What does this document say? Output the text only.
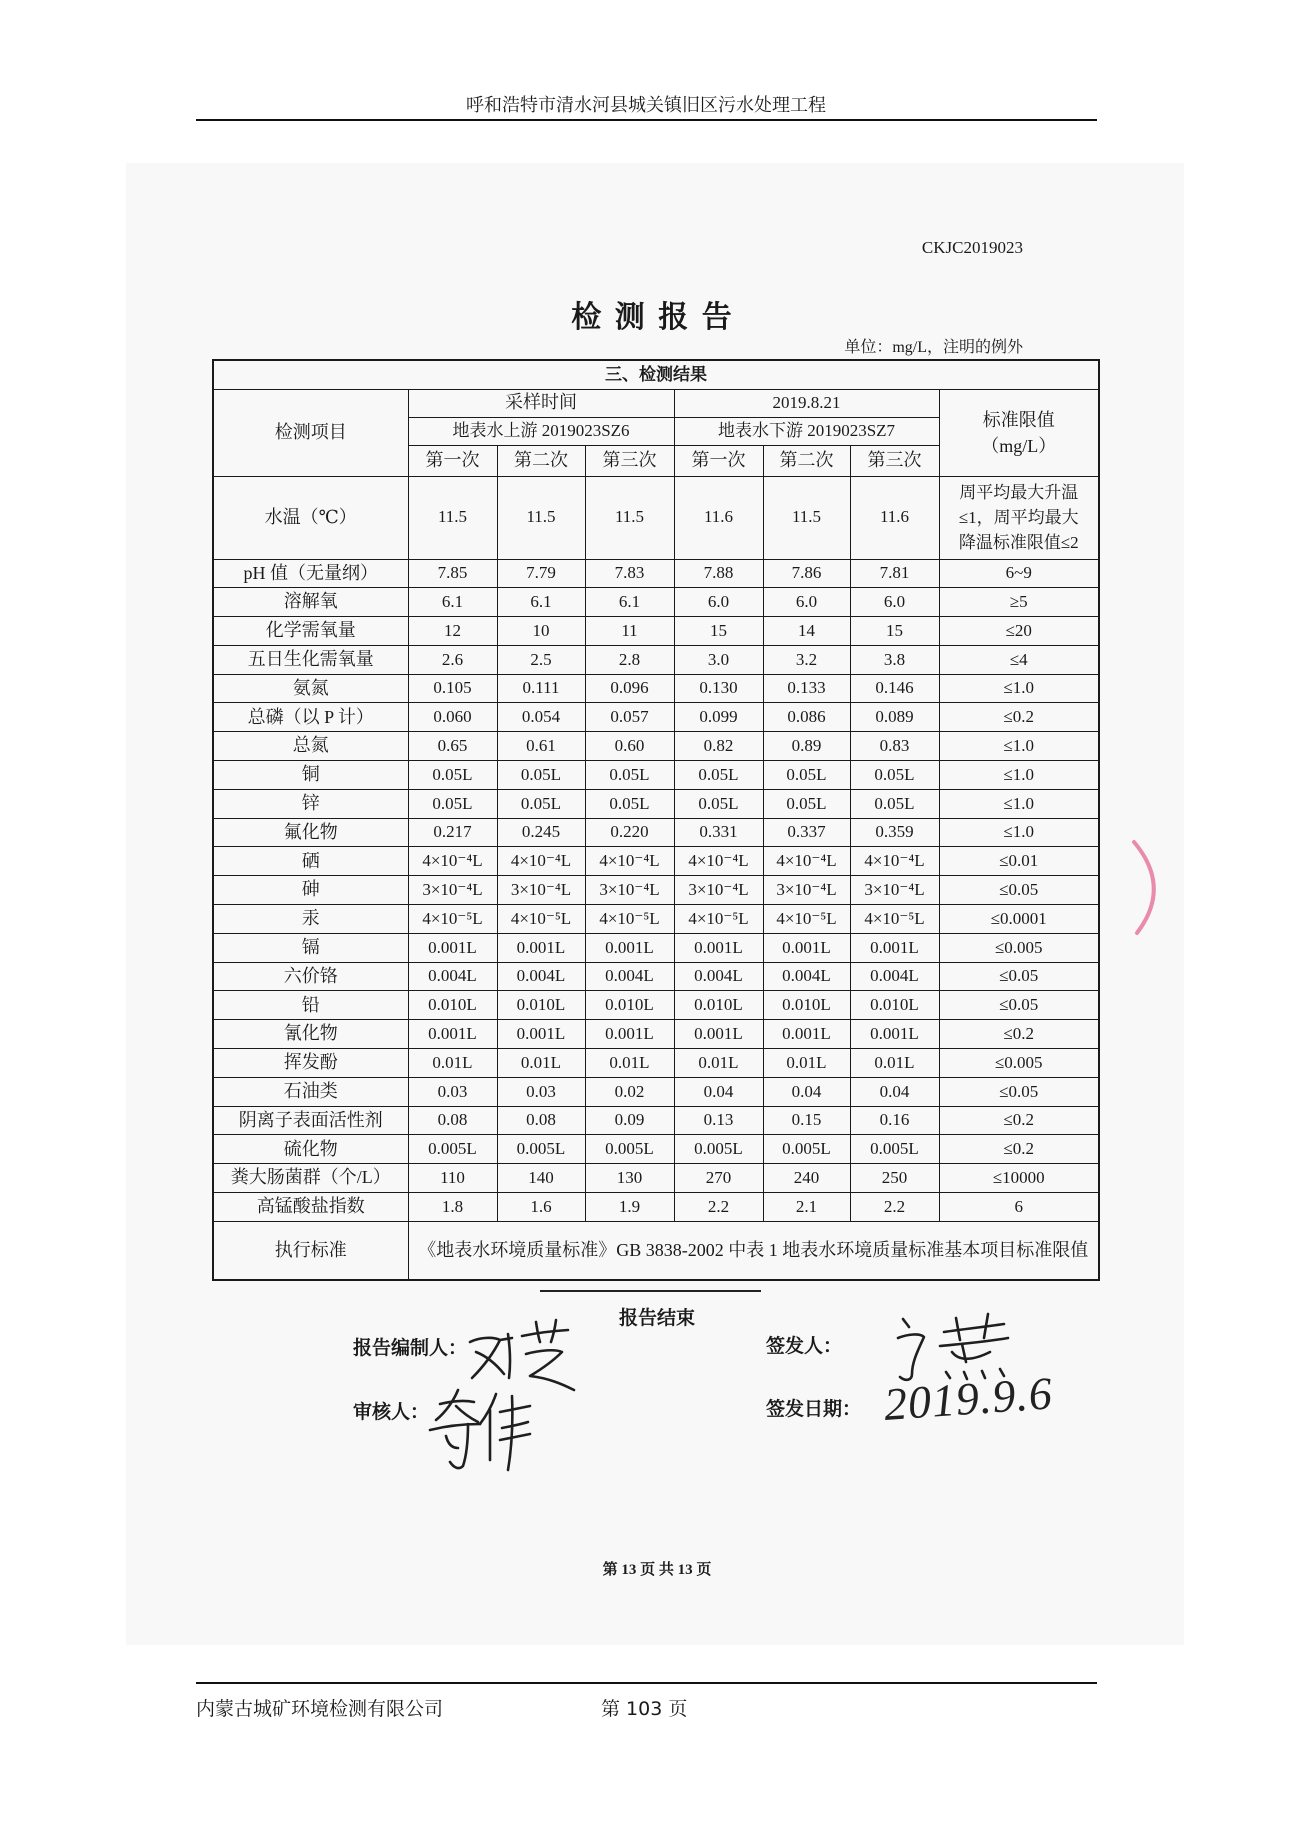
呼和浩特市清水河县城关镇旧区污水处理工程
CKJC2019023
检 测 报 告
单位：mg/L，注明的例外
三、检测结果							
检测项目	采样时间			2019.8.21			标准限值
（mg/L）

	地表水上游 2019023SZ6			地表水下游 2019023SZ7			
	第一次	第二次	第三次	第一次	第二次	第三次	
水温（℃）	11.5	11.5	11.5	11.6	11.5	11.6	周平均最大升温
≤1，周平均最大
降温标准限值≤2

pH 值（无量纲）	7.85	7.79	7.83	7.88	7.86	7.81	6~9
溶解氧	6.1	6.1	6.1	6.0	6.0	6.0	≥5
化学需氧量	12	10	11	15	14	15	≤20
五日生化需氧量	2.6	2.5	2.8	3.0	3.2	3.8	≤4
氨氮	0.105	0.111	0.096	0.130	0.133	0.146	≤1.0
总磷（以 P 计）	0.060	0.054	0.057	0.099	0.086	0.089	≤0.2
总氮	0.65	0.61	0.60	0.82	0.89	0.83	≤1.0
铜	0.05L	0.05L	0.05L	0.05L	0.05L	0.05L	≤1.0
锌	0.05L	0.05L	0.05L	0.05L	0.05L	0.05L	≤1.0
氟化物	0.217	0.245	0.220	0.331	0.337	0.359	≤1.0
硒	4×10⁻⁴L	4×10⁻⁴L	4×10⁻⁴L	4×10⁻⁴L	4×10⁻⁴L	4×10⁻⁴L	≤0.01
砷	3×10⁻⁴L	3×10⁻⁴L	3×10⁻⁴L	3×10⁻⁴L	3×10⁻⁴L	3×10⁻⁴L	≤0.05
汞	4×10⁻⁵L	4×10⁻⁵L	4×10⁻⁵L	4×10⁻⁵L	4×10⁻⁵L	4×10⁻⁵L	≤0.0001
镉	0.001L	0.001L	0.001L	0.001L	0.001L	0.001L	≤0.005
六价铬	0.004L	0.004L	0.004L	0.004L	0.004L	0.004L	≤0.05
铅	0.010L	0.010L	0.010L	0.010L	0.010L	0.010L	≤0.05
氰化物	0.001L	0.001L	0.001L	0.001L	0.001L	0.001L	≤0.2
挥发酚	0.01L	0.01L	0.01L	0.01L	0.01L	0.01L	≤0.005
石油类	0.03	0.03	0.02	0.04	0.04	0.04	≤0.05
阴离子表面活性剂	0.08	0.08	0.09	0.13	0.15	0.16	≤0.2
硫化物	0.005L	0.005L	0.005L	0.005L	0.005L	0.005L	≤0.2
粪大肠菌群（个/L）	110	140	130	270	240	250	≤10000
高锰酸盐指数	1.8	1.6	1.9	2.2	2.1	2.2	6
执行标准	《地表水环境质量标准》GB 3838-2002 中表 1 地表水环境质量标准基本项目标准限值						
报告结束
报告编制人：	签发人：
审核人：	签发日期： 2019.9.6
第 13 页 共 13 页
内蒙古城矿环境检测有限公司	第 103 页
